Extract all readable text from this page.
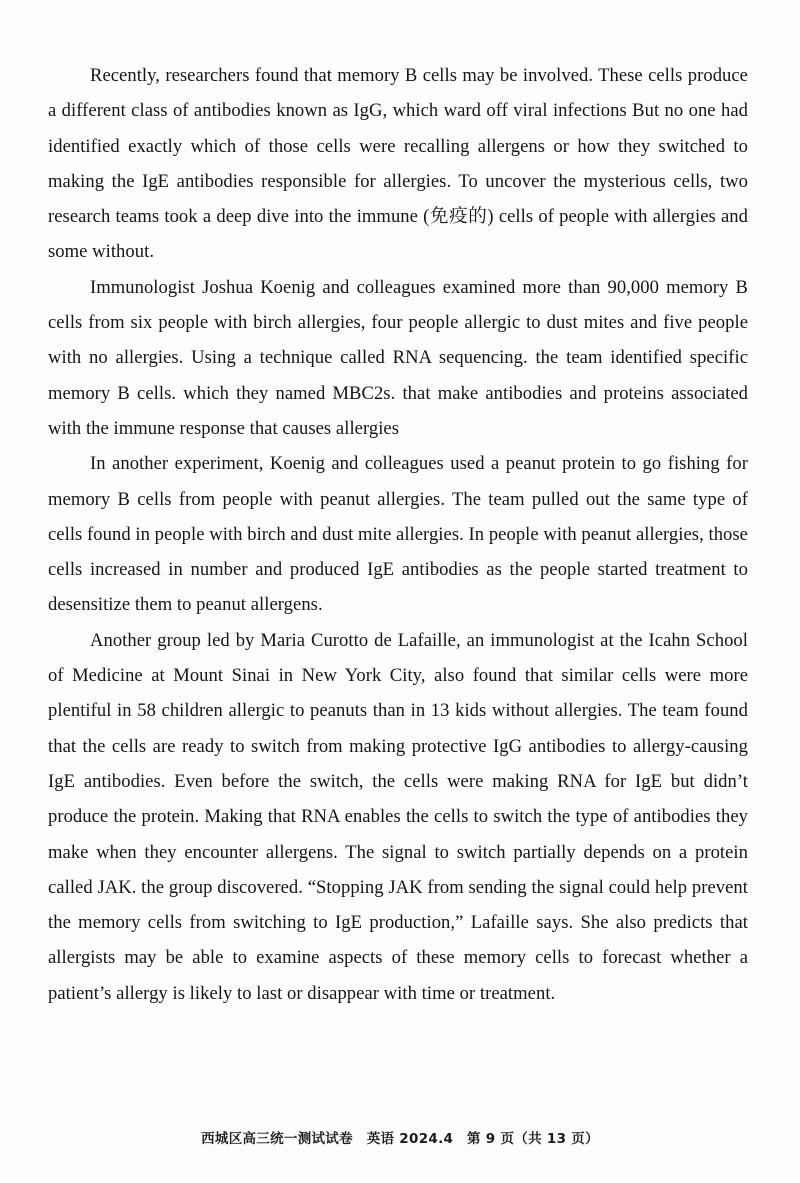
Recently, researchers found that memory B cells may be involved. These cells produce a different class of antibodies known as IgG, which ward off viral infections But no one had identified exactly which of those cells were recalling allergens or how they switched to making the IgE antibodies responsible for allergies. To uncover the mysterious cells, two research teams took a deep dive into the immune (免疫的) cells of people with allergies and some without.

Immunologist Joshua Koenig and colleagues examined more than 90,000 memory B cells from six people with birch allergies, four people allergic to dust mites and five people with no allergies. Using a technique called RNA sequencing. the team identified specific memory B cells. which they named MBC2s. that make antibodies and proteins associated with the immune response that causes allergies

In another experiment, Koenig and colleagues used a peanut protein to go fishing for memory B cells from people with peanut allergies. The team pulled out the same type of cells found in people with birch and dust mite allergies. In people with peanut allergies, those cells increased in number and produced IgE antibodies as the people started treatment to desensitize them to peanut allergens.

Another group led by Maria Curotto de Lafaille, an immunologist at the Icahn School of Medicine at Mount Sinai in New York City, also found that similar cells were more plentiful in 58 children allergic to peanuts than in 13 kids without allergies. The team found that the cells are ready to switch from making protective IgG antibodies to allergy-causing IgE antibodies. Even before the switch, the cells were making RNA for IgE but didn’t produce the protein. Making that RNA enables the cells to switch the type of antibodies they make when they encounter allergens. The signal to switch partially depends on a protein called JAK. the group discovered. “Stopping JAK from sending the signal could help prevent the memory cells from switching to IgE production,” Lafaille says. She also predicts that allergists may be able to examine aspects of these memory cells to forecast whether a patient’s allergy is likely to last or disappear with time or treatment.

西城区高三统一测试试卷　英语 2024.4　第 9 页（共 13 页）
